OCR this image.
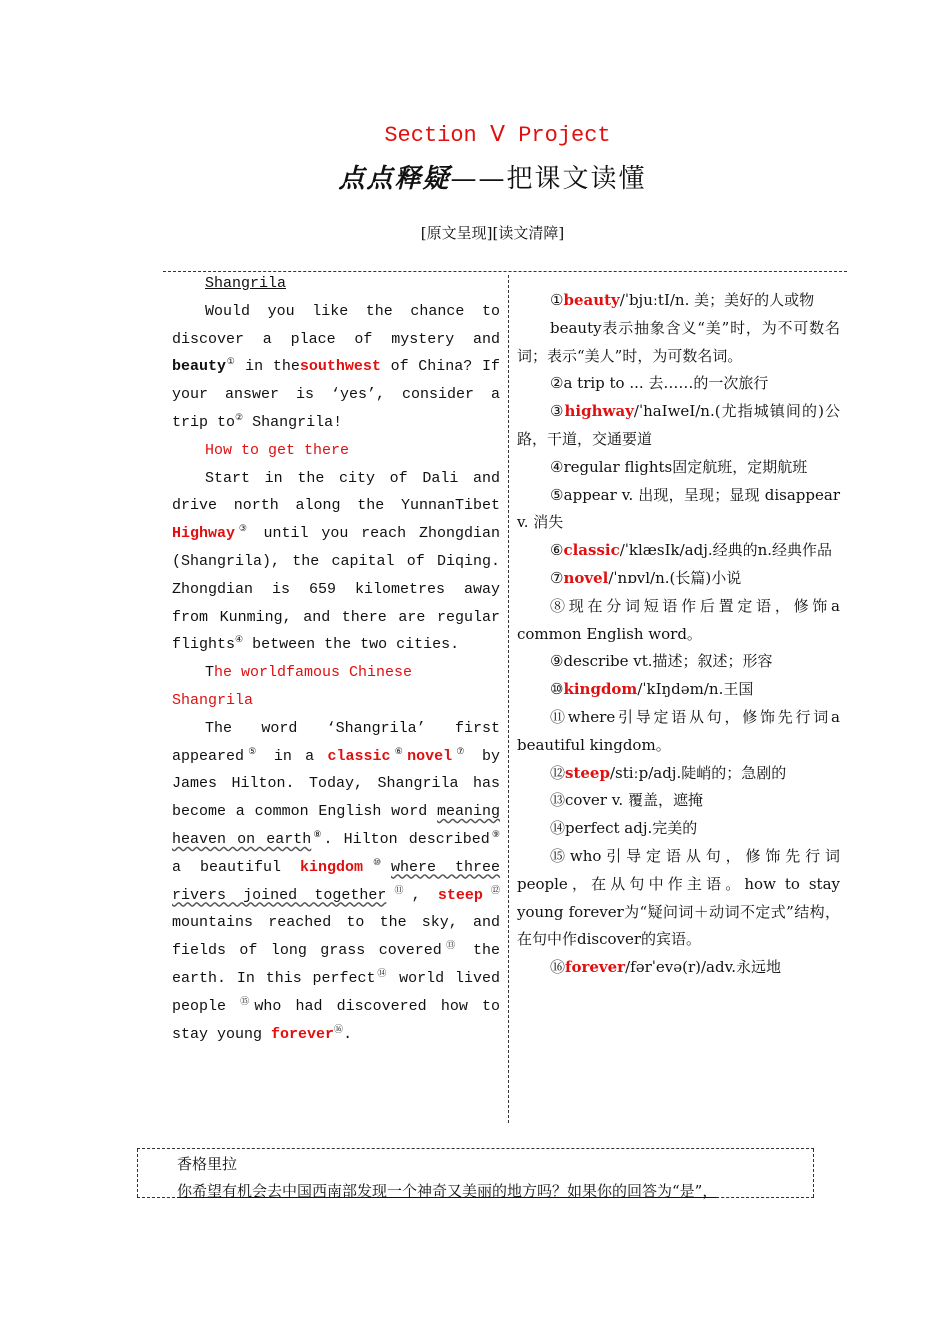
Section Ⅴ Project
点点释疑——把课文读懂
[原文呈现][读文清障]
Shangrila
Would you like the chance to discover a place of mystery and beauty① in thesouthwest of China? If your answer is ‘yes’, consider a trip to② Shangrila!
How to get there
Start in the city of Dali and drive north along the YunnanTibet Highway③ until you reach Zhongdian (Shangrila), the capital of Diqing. Zhongdian is 659 kilometres away from Kunming, and there are regular flights④ between the two cities.
The worldfamous Chinese Shangrila
The word ‘Shangrila’ first appeared⑤ in a classic⑥novel⑦ by James Hilton. Today, Shangrila has become a common English word meaning heaven on earth⑧. Hilton described⑨ a beautiful kingdom⑩where three rivers joined together⑪, steep⑫ mountains reached to the sky, and fields of long grass covered⑬ the earth. In this perfect⑭ world lived people ⑮who had discovered how to stay young forever⑯.
①beauty/ˈbjuːtI/n. 美；美好的人或物
beauty表示抽象含义“美”时，为不可数名词；表示“美人”时，为可数名词。
②a trip to ... 去……的一次旅行
③highway/ˈhaIweI/n.(尤指城镇间的)公路，干道，交通要道
④regular flights固定航班，定期航班
⑤appear v. 出现，呈现；显现 disappear v. 消失
⑥classic/ˈklæsIk/adj.经典的n.经典作品
⑦novel/ˈnɒvl/n.(长篇)小说
⑧现在分词短语作后置定语，修饰a common English word。
⑨describe vt.描述；叙述；形容
⑩kingdom/ˈkIŋdəm/n.王国
⑪where引导定语从句，修饰先行词a beautiful kingdom。
⑫steep/stiːp/adj.陡峭的；急剧的
⑬cover v. 覆盖，遮掩
⑭perfect adj.完美的
⑮who引导定语从句，修饰先行词people，在从句中作主语。how to stay young forever为“疑问词＋动词不定式”结构，在句中作discover的宾语。
⑯forever/fərˈevə(r)/adv.永远地
香格里拉
你希望有机会去中国西南部发现一个神奇又美丽的地方吗？如果你的回答为“是”，
